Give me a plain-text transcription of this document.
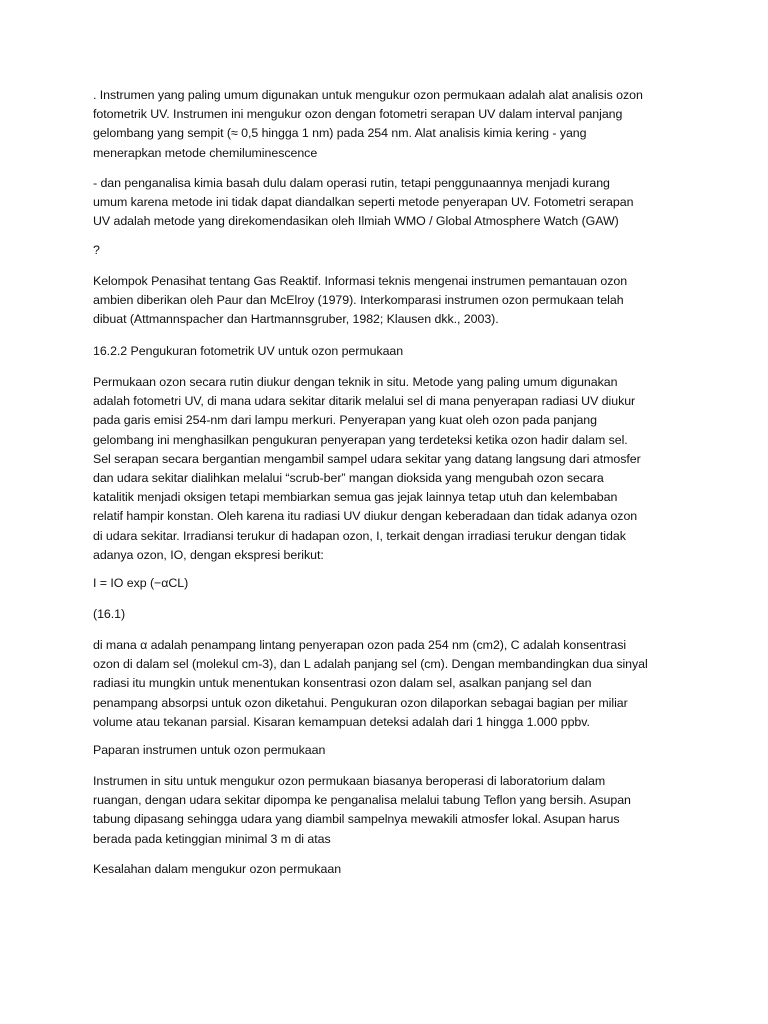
. Instrumen yang paling umum digunakan untuk mengukur ozon permukaan adalah alat analisis ozon
fotometrik UV. Instrumen ini mengukur ozon dengan fotometri serapan UV dalam interval panjang
gelombang yang sempit (≈ 0,5 hingga 1 nm) pada 254 nm. Alat analisis kimia kering - yang
menerapkan metode chemiluminescence

- dan penganalisa kimia basah dulu dalam operasi rutin, tetapi penggunaannya menjadi kurang
umum karena metode ini tidak dapat diandalkan seperti metode penyerapan UV. Fotometri serapan
UV adalah metode yang direkomendasikan oleh Ilmiah WMO / Global Atmosphere Watch (GAW)

?

Kelompok Penasihat tentang Gas Reaktif. Informasi teknis mengenai instrumen pemantauan ozon
ambien diberikan oleh Paur dan McElroy (1979). Interkomparasi instrumen ozon permukaan telah
dibuat (Attmannspacher dan Hartmannsgruber, 1982; Klausen dkk., 2003).

16.2.2 Pengukuran fotometrik UV untuk ozon permukaan

Permukaan ozon secara rutin diukur dengan teknik in situ. Metode yang paling umum digunakan
adalah fotometri UV, di mana udara sekitar ditarik melalui sel di mana penyerapan radiasi UV diukur
pada garis emisi 254-nm dari lampu merkuri. Penyerapan yang kuat oleh ozon pada panjang
gelombang ini menghasilkan pengukuran penyerapan yang terdeteksi ketika ozon hadir dalam sel.
Sel serapan secara bergantian mengambil sampel udara sekitar yang datang langsung dari atmosfer
dan udara sekitar dialihkan melalui “scrub-ber” mangan dioksida yang mengubah ozon secara
katalitik menjadi oksigen tetapi membiarkan semua gas jejak lainnya tetap utuh dan kelembaban
relatif hampir konstan. Oleh karena itu radiasi UV diukur dengan keberadaan dan tidak adanya ozon
di udara sekitar. Irradiansi terukur di hadapan ozon, I, terkait dengan irradiasi terukur dengan tidak
adanya ozon, IO, dengan ekspresi berikut:

I = IO exp (−αCL)

(16.1)

di mana α adalah penampang lintang penyerapan ozon pada 254 nm (cm2), C adalah konsentrasi
ozon di dalam sel (molekul cm-3), dan L adalah panjang sel (cm). Dengan membandingkan dua sinyal
radiasi itu mungkin untuk menentukan konsentrasi ozon dalam sel, asalkan panjang sel dan
penampang absorpsi untuk ozon diketahui. Pengukuran ozon dilaporkan sebagai bagian per miliar
volume atau tekanan parsial. Kisaran kemampuan deteksi adalah dari 1 hingga 1.000 ppbv.

Paparan instrumen untuk ozon permukaan

Instrumen in situ untuk mengukur ozon permukaan biasanya beroperasi di laboratorium dalam
ruangan, dengan udara sekitar dipompa ke penganalisa melalui tabung Teflon yang bersih. Asupan
tabung dipasang sehingga udara yang diambil sampelnya mewakili atmosfer lokal. Asupan harus
berada pada ketinggian minimal 3 m di atas

Kesalahan dalam mengukur ozon permukaan
